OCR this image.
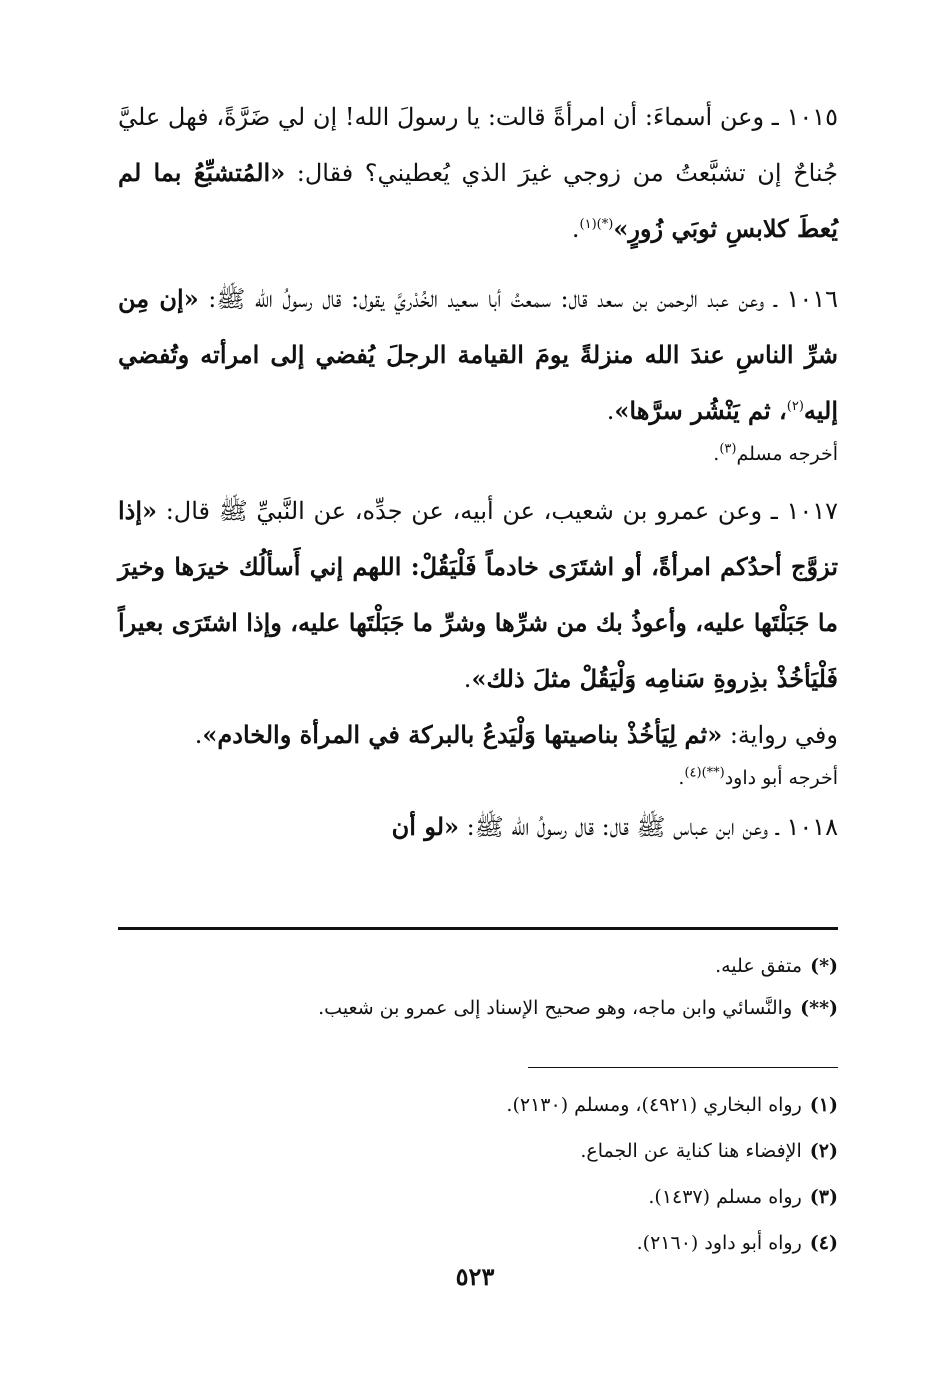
١٠١٥ ـ وعن أسماءَ: أن امرأةً قالت: يا رسولَ الله! إن لي ضَرَّةً، فهل عليَّ جُناحٌ إن تشبَّعتُ من زوجي غيرَ الذي يُعطيني؟ فقال: «المُتشبِّعُ بما لم يُعطَ كلابسِ ثوبَي زُورٍ»$^{(*)(١)}$.

١٠١٦ ـ وعن عبد الرحمن بن سعد قال: سمعتُ أبا سعيد الخُدْريَّ يقول: قال رسولُ الله ﷺ: «إن مِن شرِّ الناسِ عندَ الله منزلةً يومَ القيامة الرجلَ يُفضي إلى امرأته وتُفضي إليه$^{(٢)}$، ثم يَنْشُر سرَّها».

أخرجه مسلم$^{(٣)}$.

١٠١٧ ـ وعن عمرو بن شعيب، عن أبيه، عن جدِّه، عن النَّبيِّ ﷺ قال: «إذا تزوَّج أحدُكم امرأةً، أو اشتَرَى خادماً فَلْيَقُلْ: اللهم إني أَسألُك خيرَها وخيرَ ما جَبَلْتَها عليه، وأعوذُ بك من شرِّها وشرِّ ما جَبَلْتَها عليه، وإذا اشتَرَى بعيراً فَلْيَأخُذْ بذِروةِ سَنامِه وَلْيَقُلْ مثلَ ذلك».

وفي رواية: «ثم لِيَأخُذْ بناصيتها وَلْيَدعُ بالبركة في المرأة والخادم».

أخرجه أبو داود$^{(**)(٤)}$.

١٠١٨ ـ وعن ابن عباس ﷺ قال: قال رسولُ الله ﷺ: «لو أن

(*)متفق عليه.

(**)والنَّسائي وابن ماجه، وهو صحيح الإسناد إلى عمرو بن شعيب.

(١)رواه البخاري (٤٩٢١)، ومسلم (٢١٣٠).

(٢)الإفضاء هنا كناية عن الجماع.

(٣)رواه مسلم (١٤٣٧).

(٤)رواه أبو داود (٢١٦٠).

٥٢٣
